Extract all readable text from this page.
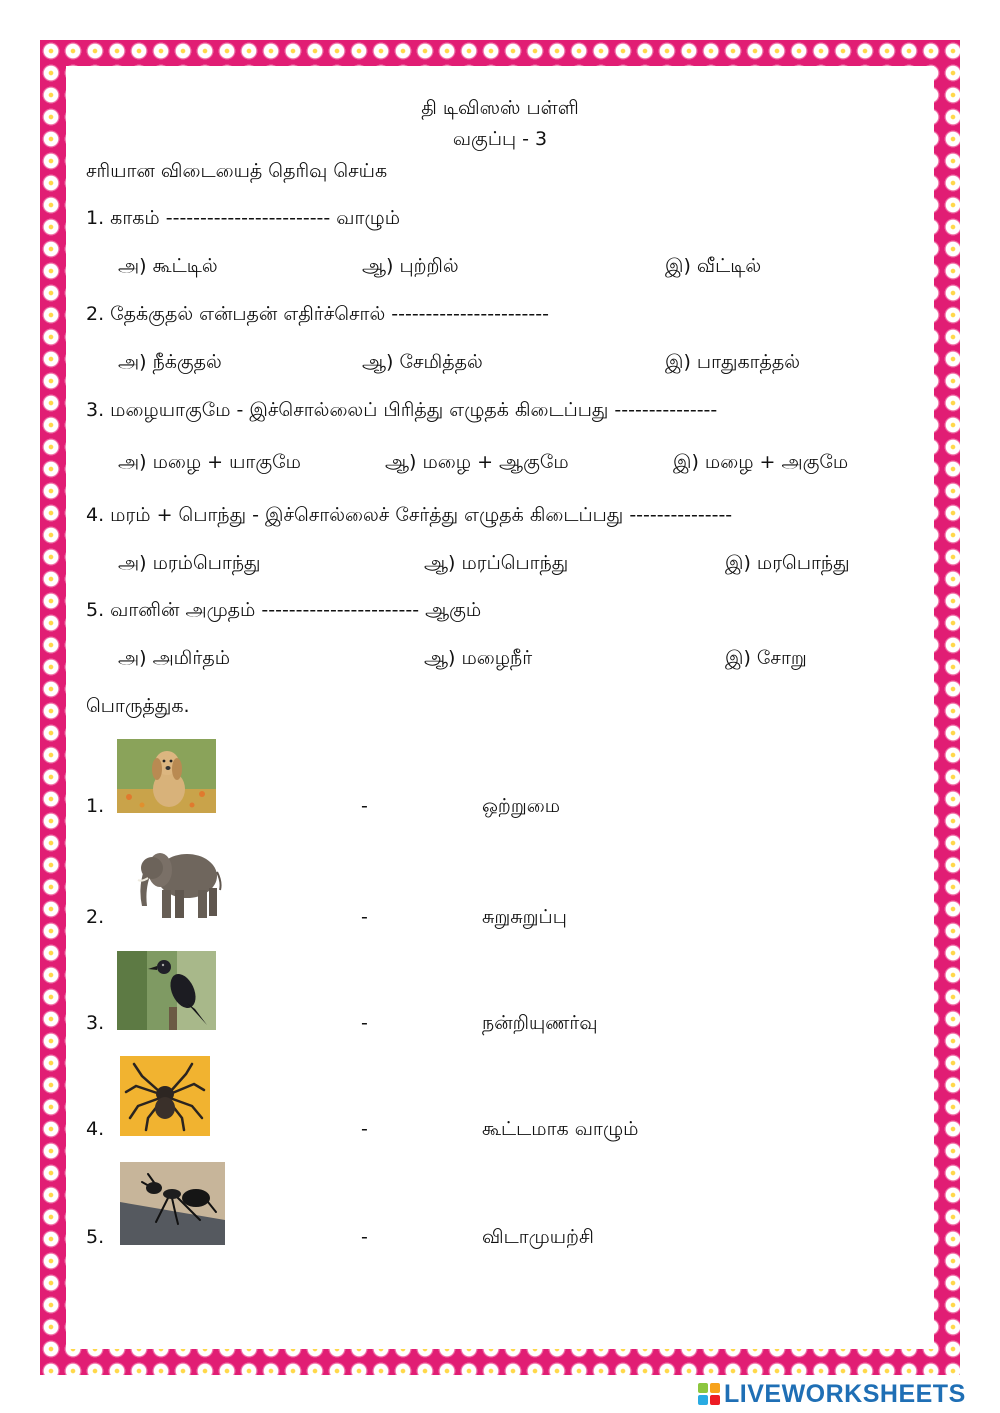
தி டிவிஸஸ் பள்ளி
வகுப்பு - 3
சரியான விடையைத் தெரிவு செய்க
1. காகம் ------------------------ வாழும்
அ) கூட்டில்	ஆ) புற்றில்	இ) வீட்டில்
2. தேக்குதல் என்பதன் எதிர்ச்சொல் -----------------------
அ) நீக்குதல்	ஆ) சேமித்தல்	இ) பாதுகாத்தல்
3. மழையாகுமே - இச்சொல்லைப் பிரித்து எழுதக் கிடைப்பது ---------------
அ) மழை + யாகுமே	ஆ) மழை + ஆகுமே	இ) மழை + அகுமே
4. மரம் + பொந்து - இச்சொல்லைச் சேர்த்து எழுதக் கிடைப்பது ---------------
அ) மரம்பொந்து	ஆ) மரப்பொந்து	இ) மரபொந்து
5. வானின் அமுதம் ----------------------- ஆகும்
அ) அமிர்தம்	ஆ) மழைநீர்	இ) சோறு
பொருத்துக.
1.	-	ஒற்றுமை
2.	-	சுறுசுறுப்பு
3.	-	நன்றியுணர்வு
4.	-	கூட்டமாக வாழும்
5.	-	விடாமுயற்சி
LIVEWORKSHEETS
